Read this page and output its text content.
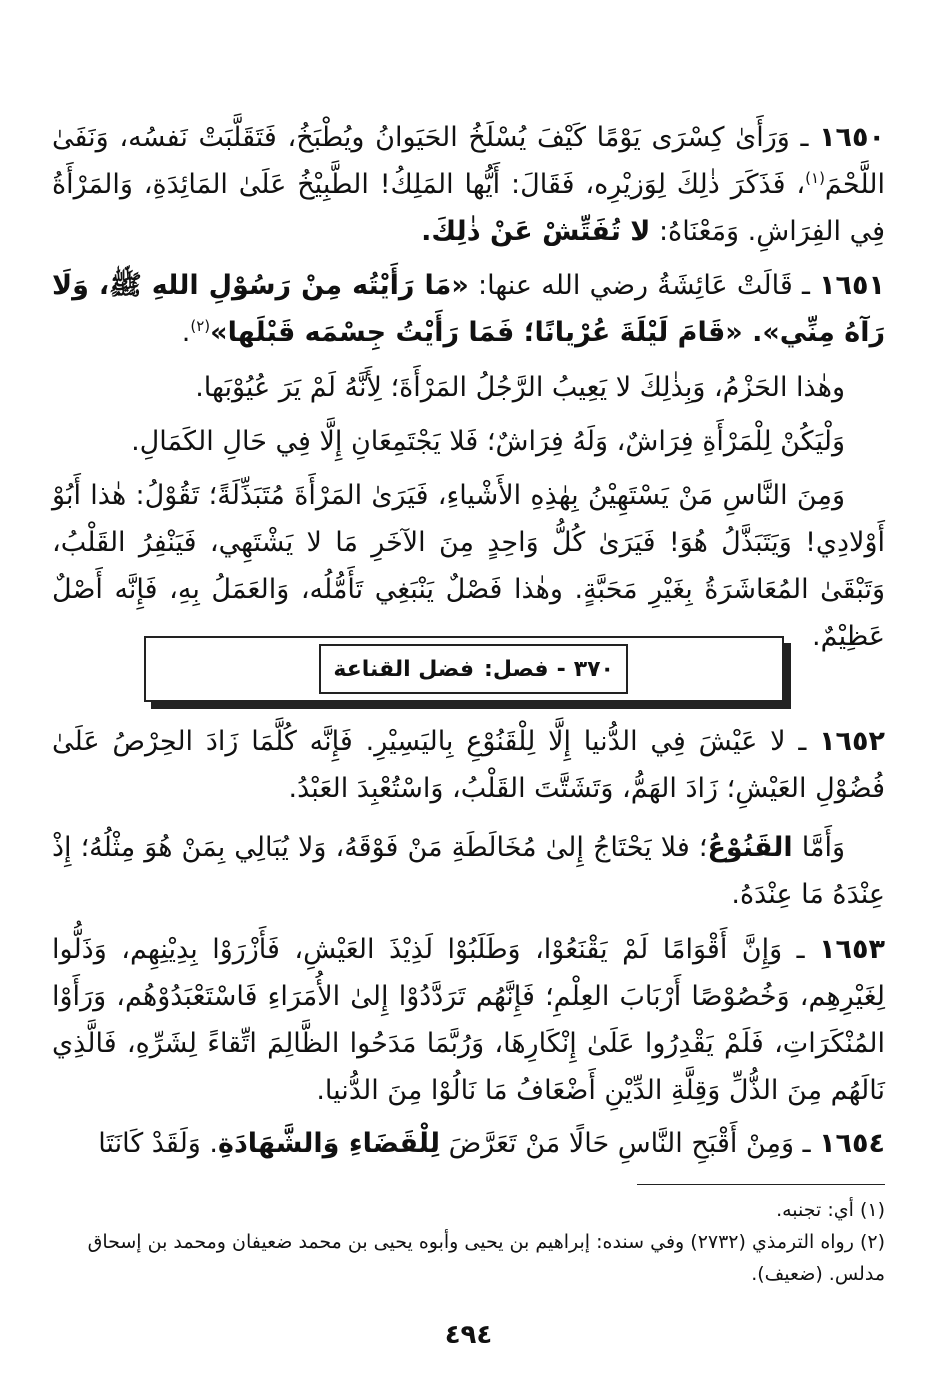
١٦٥٠ ـ وَرَأَىٰ كِسْرَى يَوْمًا كَيْفَ يُسْلَخُ الحَيَوانُ ويُطْبَخُ، فَتَقَلَّبَتْ نَفسُه، وَنَفَىٰ اللَّحْمَ$^{(١)}$، فَذَكَرَ ذٰلِكَ لِوَزيْرِه، فَقَالَ: أَيُّها المَلِكُ! الطَّبِيْخُ عَلَىٰ المَائِدَةِ، وَالمَرْأَةُ فِي الفِرَاشِ. وَمَعْنَاهُ: لا تُفَتِّشْ عَنْ ذٰلِكَ.

١٦٥١ ـ قَالَتْ عَائِشَةُ رضي الله عنها: «مَا رَأَيْتُه مِنْ رَسُوْلِ اللهِ ﷺ، وَلَا رَآهُ مِنِّي». «قَامَ لَيْلَةَ عُرْيانًا؛ فَمَا رَأَيْتُ جِسْمَه قَبْلَها»$^{(٢)}$.

وهٰذا الحَزْمُ، وَبِذٰلِكَ لا يَعِيبُ الرَّجُلُ المَرْأَةَ؛ لِأَنَّهُ لَمْ يَرَ عُيُوْبَها.

وَلْيَكُنْ لِلْمَرْأَةِ فِرَاشٌ، وَلَهُ فِرَاشٌ؛ فَلا يَجْتَمِعَانِ إِلَّا فِي حَالِ الكَمَالِ.

وَمِنَ النَّاسِ مَنْ يَسْتَهِيْنُ بِهٰذِهِ الأَشْياءِ، فَيَرَىٰ المَرْأَةَ مُتَبَذِّلَةً؛ تَقُوْلُ: هٰذا أَبُوْ أَوْلادِي! وَيَتَبَذَّلُ هُوَ! فَيَرَىٰ كُلُّ وَاحِدٍ مِنَ الآخَرِ مَا لا يَشْتَهِي، فَيَنْفِرُ القَلْبُ، وَتَبْقَىٰ المُعَاشَرَةُ بِغَيْرِ مَحَبَّةٍ. وهٰذا فَصْلٌ يَنْبَغِي تَأَمُّلُه، وَالعَمَلُ بِهِ، فَإِنَّه أَصْلٌ عَظِيْمٌ.

٣٧٠
-
فصل:
فضل القناعة

١٦٥٢ ـ لا عَيْشَ فِي الدُّنيا إِلَّا لِلْقَنُوْعِ بِاليَسِيْرِ. فَإِنَّه كُلَّمَا زَادَ الحِرْصُ عَلَىٰ فُضُوْلِ العَيْشِ؛ زَادَ الهَمُّ، وَتَشَتَّتَ القَلْبُ، وَاسْتُعْبِدَ العَبْدُ.

وَأَمَّا القَنُوْعُ؛ فلا يَحْتَاجُ إِلىٰ مُخَالَطَةِ مَنْ فَوْقَهُ، وَلا يُبَالِي بِمَنْ هُوَ مِثْلُهُ؛ إِذْ عِنْدَهُ مَا عِنْدَهُ.

١٦٥٣ ـ وَإِنَّ أَقْوَامًا لَمْ يَقْنَعُوْا، وَطَلَبُوْا لَذِيْذَ العَيْشِ، فَأَزْرَوْا بِدِيْنِهِم، وَذَلُّوا لِغَيْرِهِم، وَخُصُوْصًا أَرْبَابَ العِلْمِ؛ فَإِنَّهُم تَرَدَّدُوْا إِلىٰ الأُمَرَاءِ فَاسْتَعْبَدُوْهُم، وَرَأَوْا المُنْكَرَاتِ، فَلَمْ يَقْدِرُوا عَلَىٰ إِنْكَارِهَا، وَرُبَّمَا مَدَحُوا الظَّالِمَ اتِّقاءً لِشَرِّهِ، فَالَّذِي نَالَهُم مِنَ الذُّلِّ وَقِلَّةِ الدِّيْنِ أَضْعَافُ مَا نَالُوْا مِنَ الدُّنيا.

١٦٥٤ ـ وَمِنْ أَقْبَحِ النَّاسِ حَالًا مَنْ تَعَرَّضَ لِلْقَضَاءِ وَالشَّهَادَةِ. وَلَقَدْ كَانَتَا

(١) أي: تجنبه.

(٢) رواه الترمذي (٢٧٣٢) وفي سنده: إبراهيم بن يحيى وأبوه يحيى بن محمد ضعيفان ومحمد بن إسحاق مدلس. (ضعيف).

٤٩٤
